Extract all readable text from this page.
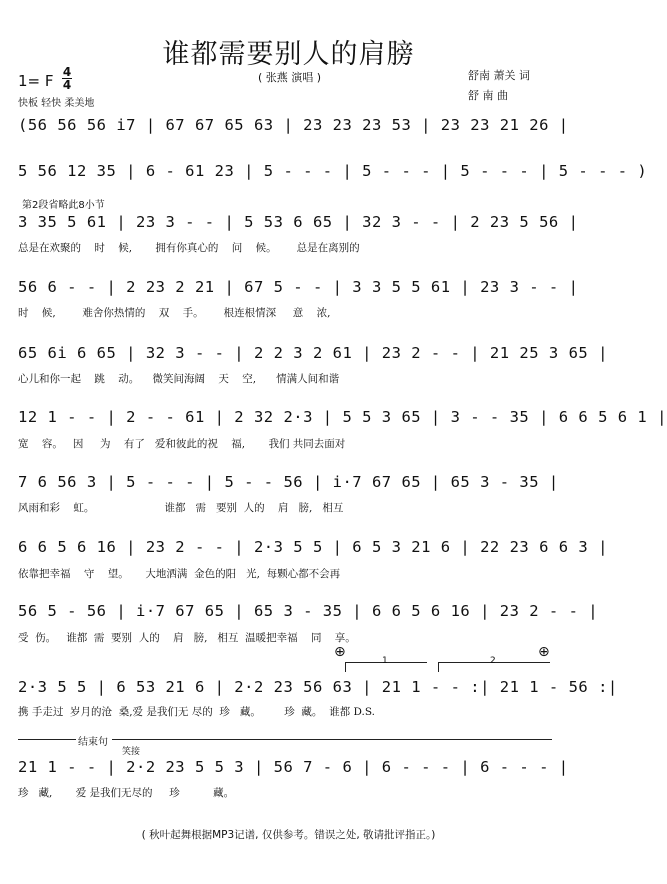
谁都需要别人的肩膀
1= F 4
4
( 张燕 演唱 )	舒南 萧关 词
舒 南 曲
快板 轻快 柔美地
第2段省略此8小节
(56 56 56 i7 | 67 67 65 63 | 23 23 23 53 | 23 23 21 26 |
5 56 12 35 | 6 - 61 23 | 5 - - - | 5 - - - | 5 - - - | 5 - - - )
3 35 5 61 | 23 3 - - | 5 53 6 65 | 32 3 - - | 2 23 5 56 |
总是在欢聚的    时    候,       拥有你真心的    问    候。      总是在离别的
56 6 - - | 2 23 2 21 | 67 5 - - | 3 3 5 5 61 | 23 3 - - |
时    候,        难舍你热情的    双    手。      根连根情深     意    浓,
65 6i 6 65 | 32 3 - - | 2 2 3 2 61 | 23 2 - - | 21 25 3 65 |
心儿和你一起    跳    动。    微笑间海阔    天    空,      情满人间和谐
12 1 - - | 2 - - 61 | 2 32 2·3 | 5 5 3 65 | 3 - - 35 | 6 6 5 6 1 |
宽    容。   因     为    有了   爱和彼此的祝    福,       我们 共同去面对
7 6 56 3 | 5 - - - | 5 - - 56 | i·7 67 65 | 65 3 - 35 |
风雨和彩    虹。                     谁都   需   要别  人的    肩   膀,   相互
6 6 5 6 16 | 23 2 - - | 2·3 5 5 | 6 5 3 21 6 | 22 23 6 6 3 |
依靠把幸福    守    望。     大地洒满  金色的阳   光,  每颗心都不会再
56 5 - 56 | i·7 67 65 | 65 3 - 35 | 6 6 5 6 16 | 23 2 - - |
受  伤。   谁都  需  要别  人的    肩   膀,   相互  温暖把幸福    同    享。
⊕	⊕
1	2
2·3 5 5 | 6 53 21 6 | 2·2 23 56 63 | 21 1 - - :| 21 1 - 56 :|
携 手走过  岁月的沧  桑,爱 是我们无 尽的  珍   藏。       珍  藏。  谁都 D.S.
结束句
笑接
21 1 - - | 2·2 23 5 5 3 | 56 7 - 6 | 6 - - - | 6 - - - |
珍   藏,       爱 是我们无尽的     珍          藏。
( 秋叶起舞根据MP3记谱, 仅供参考。错误之处, 敬请批评指正。)
